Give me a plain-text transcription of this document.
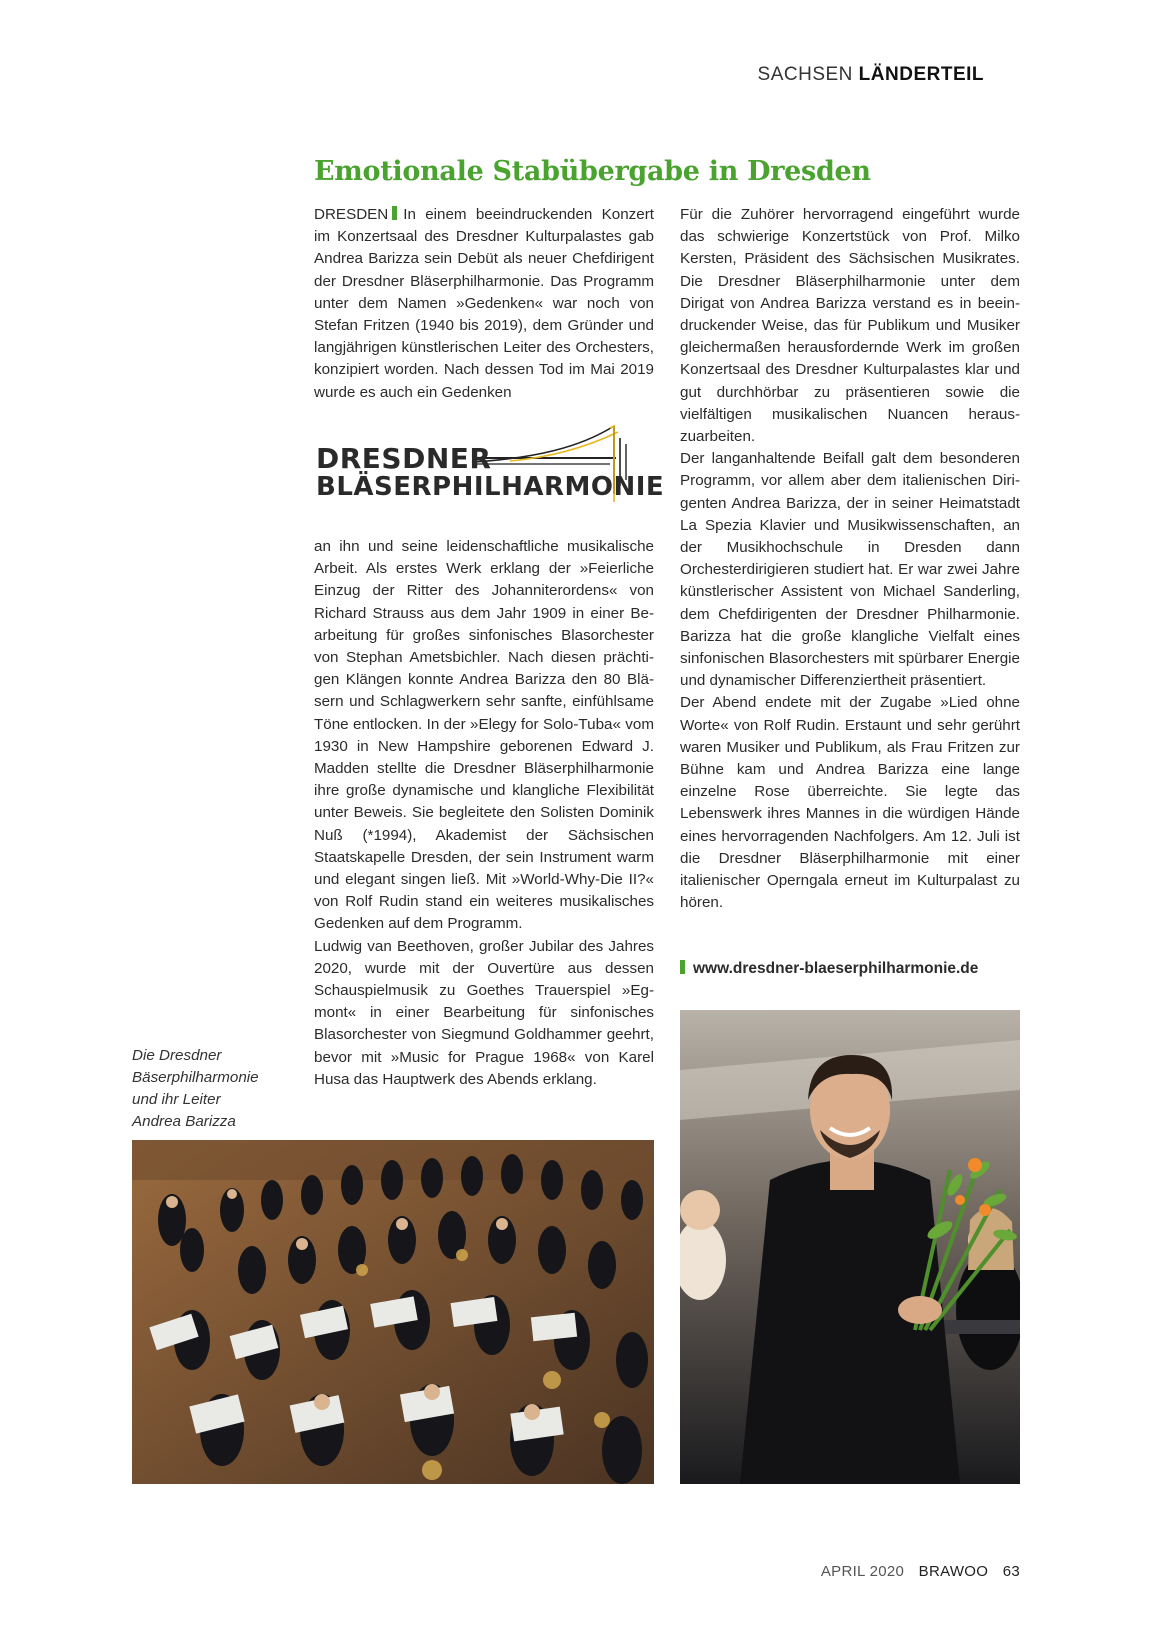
SACHSEN LÄNDERTEIL
Emotionale Stabübergabe in Dresden

DRESDEN In einem beeindruckenden Konzert im Konzertsaal des Dresdner Kulturpalastes gab Andrea Barizza sein Debüt als neuer Chefdirigent der Dresdner Bläserphilharmonie. Das Programm unter dem Namen »Gedenken« war noch von Stefan Fritzen (1940 bis 2019), dem Gründer und langjährigen künstlerischen Leiter des Orchesters, konzipiert worden. Nach dessen Tod im Mai 2019 wurde es auch ein Gedenken

DRESDNER
BLÄSERPHILHARMONIE

an ihn und seine leidenschaftliche musikalische Arbeit. Als erstes Werk erklang der »Feierliche Einzug der Ritter des Johanniterordens« von Richard Strauss aus dem Jahr 1909 in einer Bearbeitung für großes sinfonisches Blasorchester von Stephan Ametsbichler. Nach diesen prächtigen Klängen konnte Andrea Barizza den 80 Bläsern und Schlagwerkern sehr sanfte, einfühlsame Töne entlocken. In der »Elegy for Solo-Tuba« vom 1930 in New Hampshire geborenen Edward J. Madden stellte die Dresdner Bläserphilharmonie ihre große dynamische und klangliche Flexibilität unter Beweis. Sie begleitete den Solisten Dominik Nuß (*1994), Akademist der Sächsischen Staatskapelle Dresden, der sein Instrument warm und elegant singen ließ. Mit »World-Why-Die II?« von Rolf Rudin stand ein weiteres musikalisches Gedenken auf dem Programm.

Ludwig van Beethoven, großer Jubilar des Jahres 2020, wurde mit der Ouvertüre aus dessen Schauspielmusik zu Goethes Trauerspiel »Egmont« in einer Bearbeitung für sinfonisches Blasorchester von Siegmund Goldhammer geehrt, bevor mit »Music for Prague 1968« von Karel Husa das Hauptwerk des Abends erklang.

Für die Zuhörer hervorragend eingeführt wurde das schwierige Konzertstück von Prof. Milko Kersten, Präsident des Sächsischen Musikrates. Die Dresdner Bläserphilharmonie unter dem Dirigat von Andrea Barizza verstand es in beeindruckender Weise, das für Publikum und Musiker gleichermaßen herausfordernde Werk im großen Konzertsaal des Dresdner Kulturpalastes klar und gut durchhörbar zu präsentieren sowie die vielfältigen musikalischen Nuancen herauszuarbeiten.

Der langanhaltende Beifall galt dem besonderen Programm, vor allem aber dem italienischen Dirigenten Andrea Barizza, der in seiner Heimatstadt La Spezia Klavier und Musikwissenschaften, an der Musikhochschule in Dresden dann Orchesterdirigieren studiert hat. Er war zwei Jahre künstlerischer Assistent von Michael Sanderling, dem Chefdirigenten der Dresdner Philharmonie. Barizza hat die große klangliche Vielfalt eines sinfonischen Blasorchesters mit spürbarer Energie und dynamischer Differenziertheit präsentiert.

Der Abend endete mit der Zugabe »Lied ohne Worte« von Rolf Rudin. Erstaunt und sehr gerührt waren Musiker und Publikum, als Frau Fritzen zur Bühne kam und Andrea Barizza eine lange einzelne Rose überreichte. Sie legte das Lebenswerk ihres Mannes in die würdigen Hände eines hervorragenden Nachfolgers. Am 12. Juli ist die Dresdner Bläserphilharmonie mit einer italienischer Operngala erneut im Kulturpalast zu hören.

www.dresdner-blaeserphilharmonie.de
Die Dresdner
Bäserphilharmonie
und ihr Leiter
Andrea Barizza
APRIL 2020 BRAWOO 63
